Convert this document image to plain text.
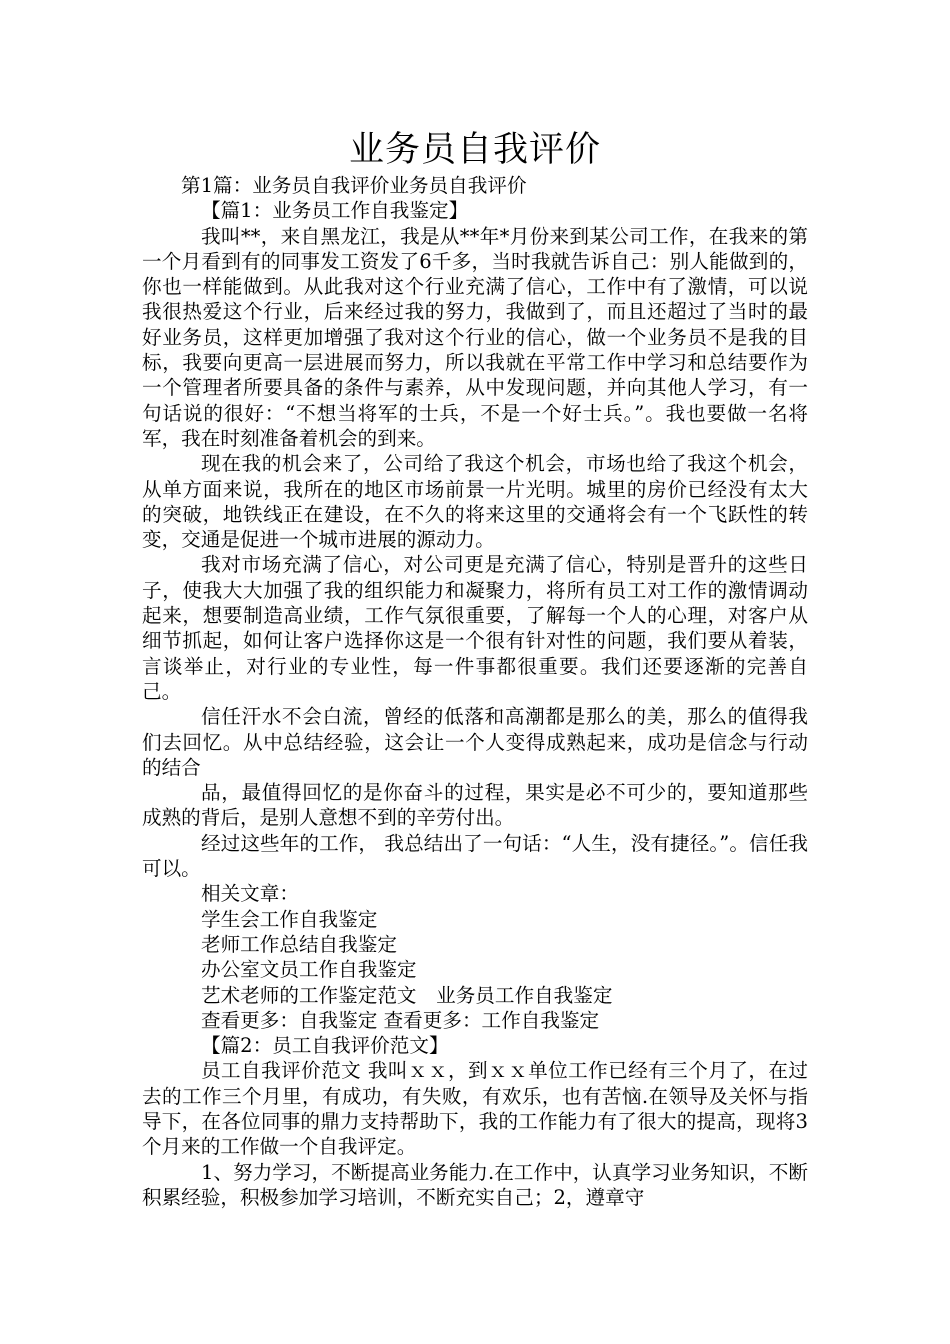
业务员自我评价

第1篇：业务员自我评价业务员自我评价

【篇1：业务员工作自我鉴定】

我叫**，来自黑龙江，我是从**年*月份来到某公司工作，在我来的第一个月看到有的同事发工资发了6千多，当时我就告诉自己：别人能做到的，你也一样能做到。从此我对这个行业充满了信心，工作中有了激情，可以说我很热爱这个行业，后来经过我的努力，我做到了，而且还超过了当时的最好业务员，这样更加增强了我对这个行业的信心，做一个业务员不是我的目标，我要向更高一层进展而努力，所以我就在平常工作中学习和总结要作为一个管理者所要具备的条件与素养，从中发现问题，并向其他人学习，有一句话说的很好：“不想当将军的士兵，不是一个好士兵。”。我也要做一名将军，我在时刻准备着机会的到来。

现在我的机会来了，公司给了我这个机会，市场也给了我这个机会，从单方面来说，我所在的地区市场前景一片光明。城里的房价已经没有太大的突破，地铁线正在建设，在不久的将来这里的交通将会有一个飞跃性的转变，交通是促进一个城市进展的源动力。

我对市场充满了信心，对公司更是充满了信心，特别是晋升的这些日子，使我大大加强了我的组织能力和凝聚力，将所有员工对工作的激情调动起来，想要制造高业绩，工作气氛很重要，了解每一个人的心理，对客户从细节抓起，如何让客户选择你这是一个很有针对性的问题，我们要从着装，言谈举止，对行业的专业性，每一件事都很重要。我们还要逐渐的完善自己。

信任汗水不会白流，曾经的低落和高潮都是那么的美，那么的值得我们去回忆。从中总结经验，这会让一个人变得成熟起来，成功是信念与行动的结合

品，最值得回忆的是你奋斗的过程，果实是必不可少的，要知道那些成熟的背后，是别人意想不到的辛劳付出。

经过这些年的工作， 我总结出了一句话：“人生，没有捷径。”。信任我可以。

相关文章：

学生会工作自我鉴定

老师工作总结自我鉴定

办公室文员工作自我鉴定

艺术老师的工作鉴定范文　业务员工作自我鉴定

查看更多：自我鉴定 查看更多：工作自我鉴定

【篇2：员工自我评价范文】

员工自我评价范文 我叫ｘｘ，到ｘｘ单位工作已经有三个月了，在过去的工作三个月里，有成功，有失败，有欢乐，也有苦恼.在领导及关怀与指导下，在各位同事的鼎力支持帮助下，我的工作能力有了很大的提高，现将3个月来的工作做一个自我评定。

1、努力学习，不断提高业务能力.在工作中，认真学习业务知识，不断积累经验，积极参加学习培训，不断充实自己；2，遵章守
